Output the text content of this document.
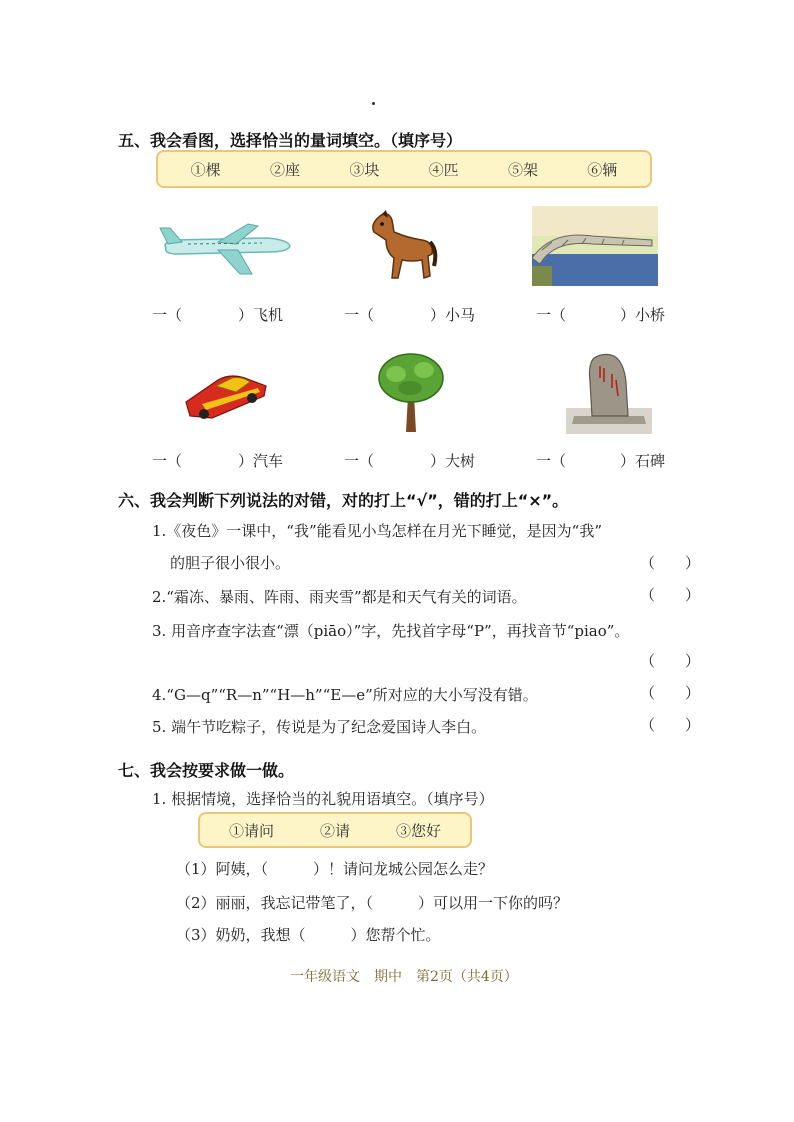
五、我会看图，选择恰当的量词填空。（填序号）
①棵	②座	③块	④匹	⑤架	⑥辆
一（	）飞机	一（	）小马	一（	）小桥
一（	）汽车	一（	）大树	一（	）石碑
六、我会判断下列说法的对错，对的打上“√”，错的打上“×”。
1.《夜色》一课中，“我”能看见小鸟怎样在月光下睡觉，是因为“我”
的胆子很小很小。	（　　）
2.“霜冻、暴雨、阵雨、雨夹雪”都是和天气有关的词语。	（　　）
3. 用音序查字法查“漂（piāo）”字，先找首字母“P”，再找音节“piao”。
（　　）
4.“G—q”“R—n”“H—h”“E—e”所对应的大小写没有错。	（　　）
5. 端午节吃粽子，传说是为了纪念爱国诗人李白。	（　　）
七、我会按要求做一做。
1. 根据情境，选择恰当的礼貌用语填空。（填序号）
①请问	②请	③您好
（1）阿姨，（　　　）！请问龙城公园怎么走？
（2）丽丽，我忘记带笔了，（　　　）可以用一下你的吗？
（3）奶奶，我想（　　　）您帮个忙。
一年级语文　期中　第2页（共4页）
